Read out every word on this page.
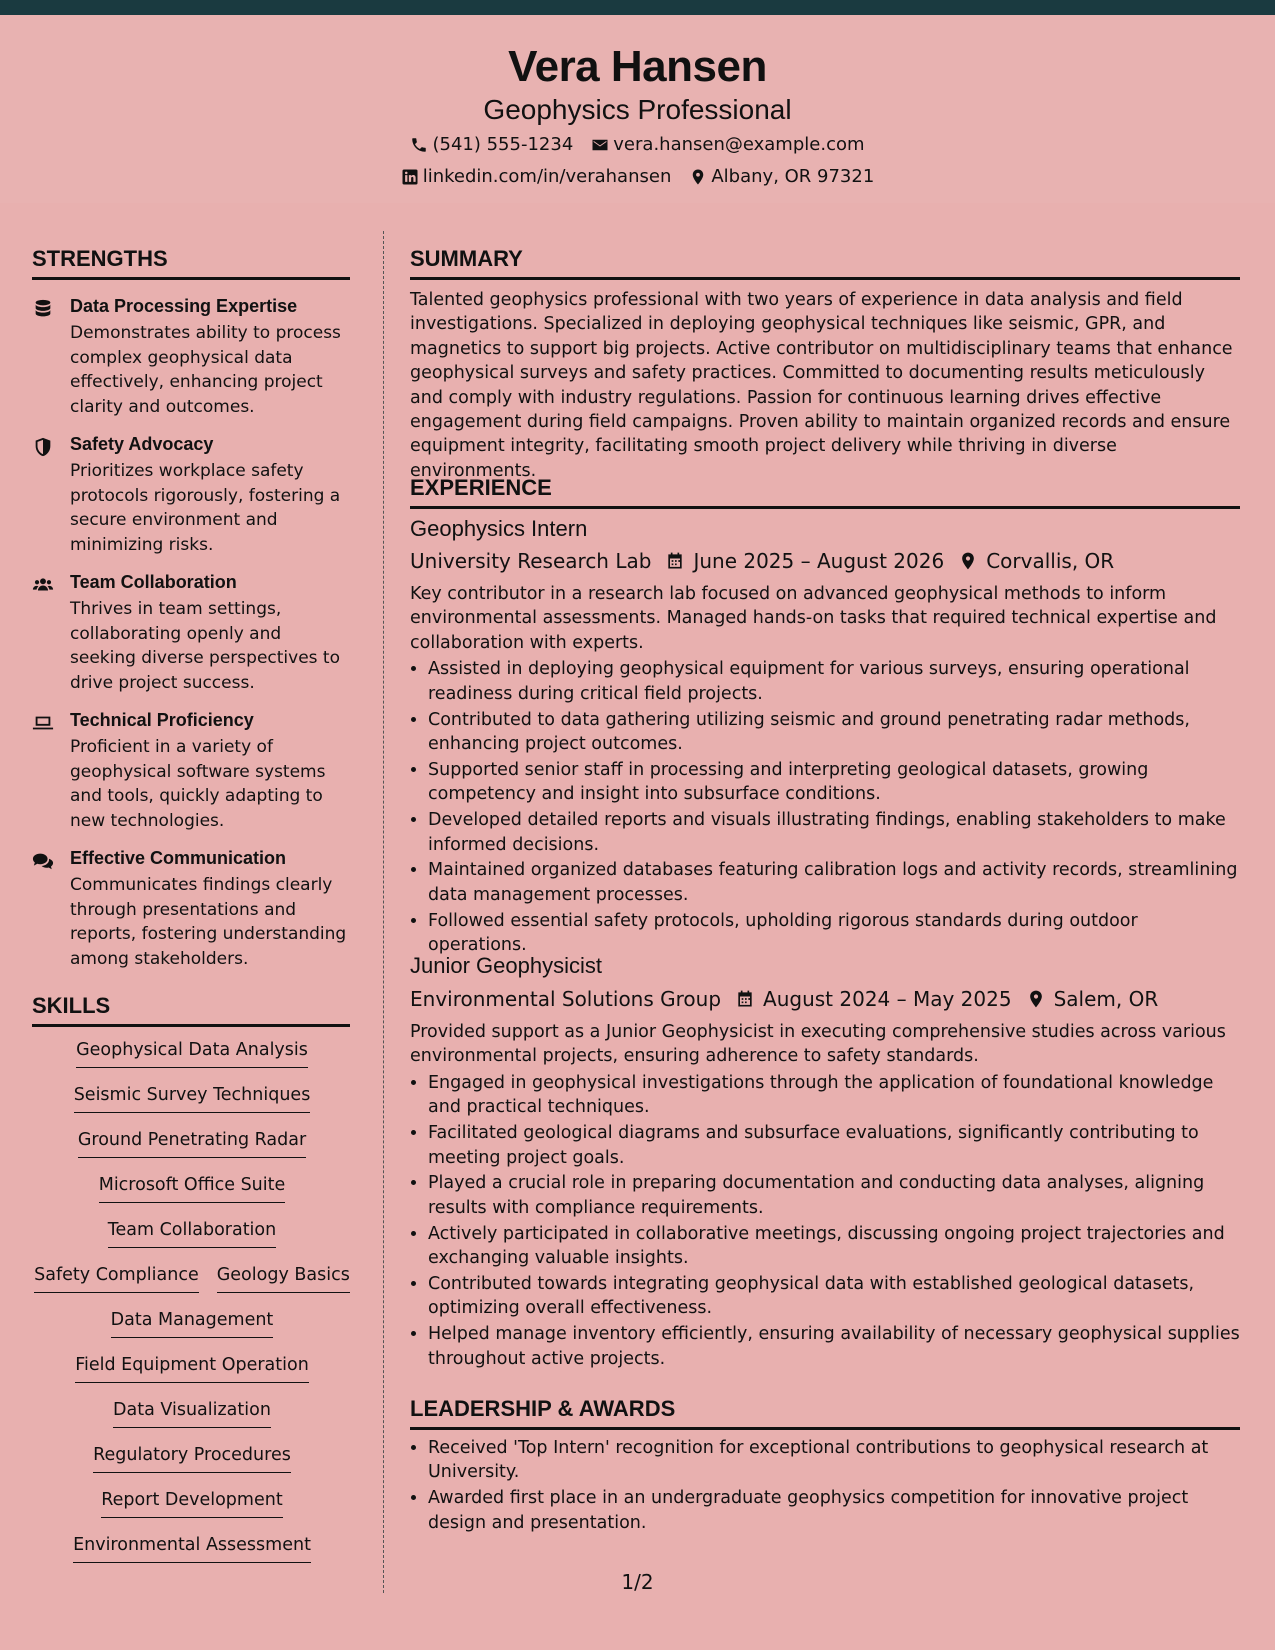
Vera Hansen
Geophysics Professional
(541) 555-1234 vera.hansen@example.com
linkedin.com/in/verahansen Albany, OR 97321
STRENGTHS
Data Processing Expertise
Demonstrates ability to process complex geophysical data effectively, enhancing project clarity and outcomes.
Safety Advocacy
Prioritizes workplace safety protocols rigorously, fostering a secure environment and minimizing risks.
Team Collaboration
Thrives in team settings, collaborating openly and seeking diverse perspectives to drive project success.
Technical Proficiency
Proficient in a variety of geophysical software systems and tools, quickly adapting to new technologies.
Effective Communication
Communicates findings clearly through presentations and reports, fostering understanding among stakeholders.
SKILLS
Geophysical Data Analysis
Seismic Survey Techniques
Ground Penetrating Radar
Microsoft Office Suite
Team Collaboration
Safety Compliance Geology Basics
Data Management
Field Equipment Operation
Data Visualization
Regulatory Procedures
Report Development
Environmental Assessment
SUMMARY

Talented geophysics professional with two years of experience in data analysis and field investigations. Specialized in deploying geophysical techniques like seismic, GPR, and magnetics to support big projects. Active contributor on multidisciplinary teams that enhance geophysical surveys and safety practices. Committed to documenting results meticulously and comply with industry regulations. Passion for continuous learning drives effective engagement during field campaigns. Proven ability to maintain organized records and ensure equipment integrity, facilitating smooth project delivery while thriving in diverse environments.

EXPERIENCE
Geophysics Intern
University Research Lab June 2025 – August 2026 Corvallis, OR

Key contributor in a research lab focused on advanced geophysical methods to inform environmental assessments. Managed hands-on tasks that required technical expertise and collaboration with experts.

• Assisted in deploying geophysical equipment for various surveys, ensuring operational readiness during critical field projects.
• Contributed to data gathering utilizing seismic and ground penetrating radar methods, enhancing project outcomes.
• Supported senior staff in processing and interpreting geological datasets, growing competency and insight into subsurface conditions.
• Developed detailed reports and visuals illustrating findings, enabling stakeholders to make informed decisions.
• Maintained organized databases featuring calibration logs and activity records, streamlining data management processes.
• Followed essential safety protocols, upholding rigorous standards during outdoor operations.
Junior Geophysicist
Environmental Solutions Group August 2024 – May 2025 Salem, OR

Provided support as a Junior Geophysicist in executing comprehensive studies across various environmental projects, ensuring adherence to safety standards.

• Engaged in geophysical investigations through the application of foundational knowledge and practical techniques.
• Facilitated geological diagrams and subsurface evaluations, significantly contributing to meeting project goals.
• Played a crucial role in preparing documentation and conducting data analyses, aligning results with compliance requirements.
• Actively participated in collaborative meetings, discussing ongoing project trajectories and exchanging valuable insights.
• Contributed towards integrating geophysical data with established geological datasets, optimizing overall effectiveness.
• Helped manage inventory efficiently, ensuring availability of necessary geophysical supplies throughout active projects.
LEADERSHIP & AWARDS
• Received 'Top Intern' recognition for exceptional contributions to geophysical research at University.
• Awarded first place in an undergraduate geophysics competition for innovative project design and presentation.
1/2
